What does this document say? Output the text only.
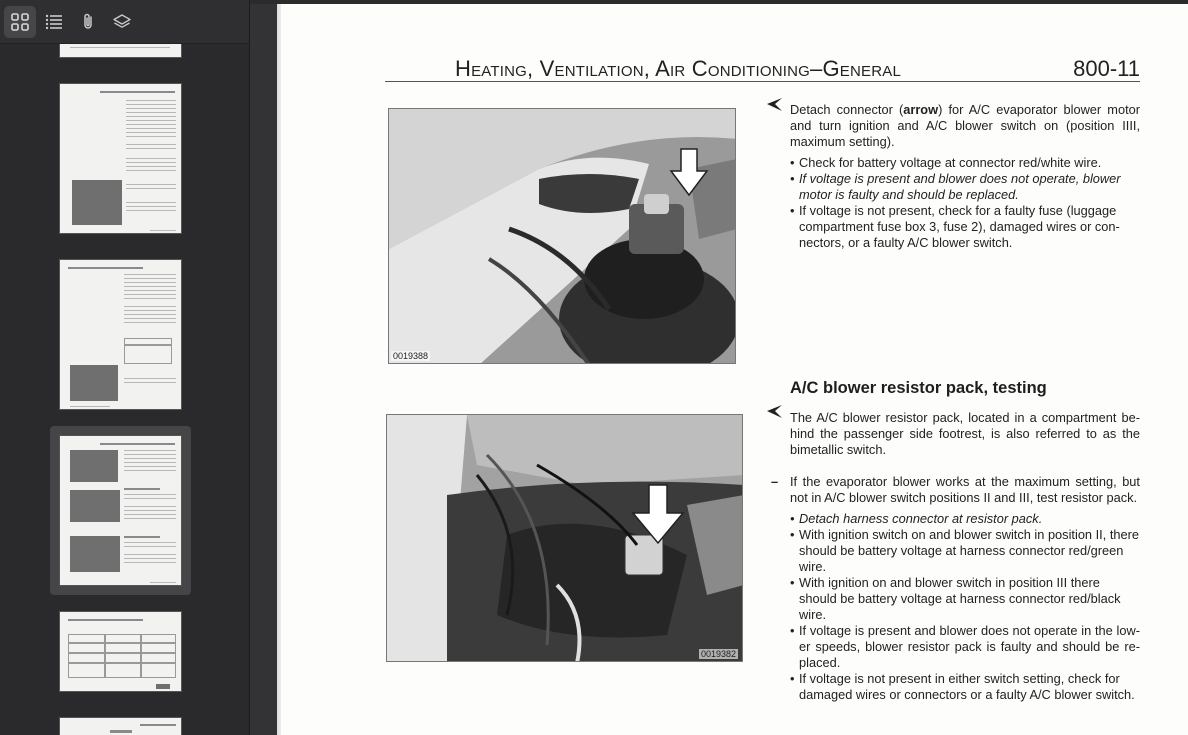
Heating, Ventilation, Air Conditioning–General	800-11
0019388

Detach connector (arrow) for A/C evaporator blower motor and turn ignition and A/C blower switch on (position IIII, maximum setting).

• Check for battery voltage at connector red/white wire.
• If voltage is present and blower does not operate, blower motor is faulty and should be replaced.
• If voltage is not present, check for a faulty fuse (luggage compartment fuse box 3, fuse 2), damaged wires or con-nectors, or a faulty A/C blower switch.
A/C blower resistor pack, testing
0019382
The A/C blower resistor pack, located in a compartment be-hind the passenger side footrest, is also referred to as the bimetallic switch.
– If the evaporator blower works at the maximum setting, but not in A/C blower switch positions II and III, test resistor pack.

• Detach harness connector at resistor pack.
• With ignition switch on and blower switch in position II, there should be battery voltage at harness connector red/green wire.
• With ignition on and blower switch in position III there should be battery voltage at harness connector red/black wire.
• If voltage is present and blower does not operate in the low-er speeds, blower resistor pack is faulty and should be re-placed.
• If voltage is not present in either switch setting, check for damaged wires or connectors or a faulty A/C blower switch.
